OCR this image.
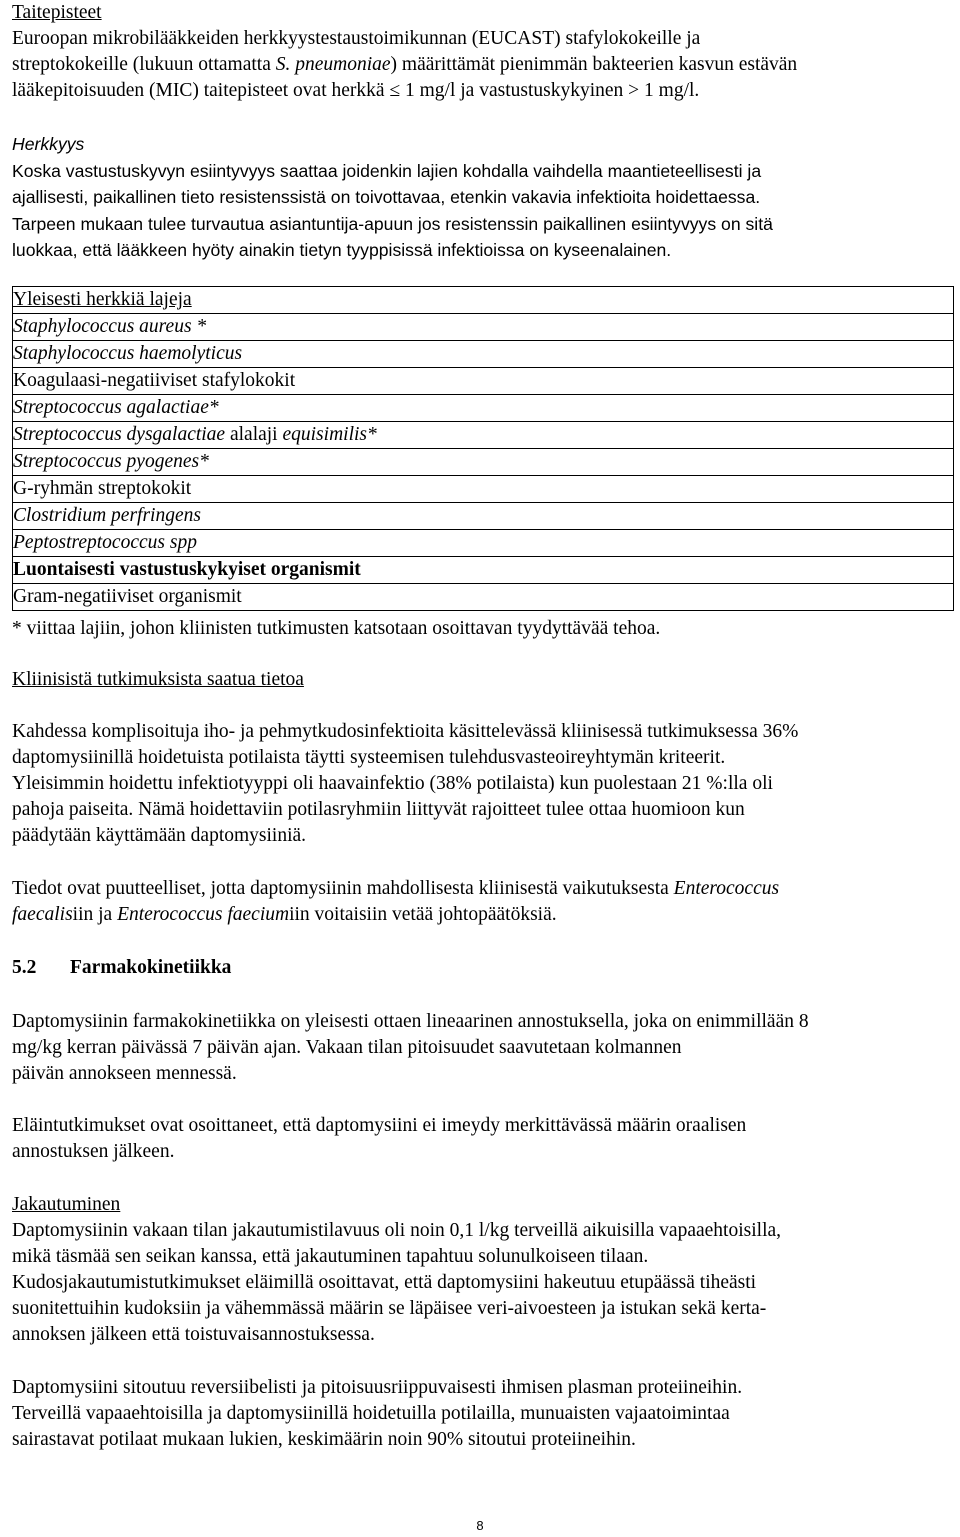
Taitepisteet
Euroopan mikrobilääkkeiden herkkyystestaustoimikunnan (EUCAST) stafylokokeille ja
streptokokeille (lukuun ottamatta S. pneumoniae) määrittämät pienimmän bakteerien kasvun estävän
lääkepitoisuuden (MIC) taitepisteet ovat herkkä ≤ 1 mg/l ja vastustuskykyinen > 1 mg/l.
Herkkyys
Koska vastustuskyvyn esiintyvyys saattaa joidenkin lajien kohdalla vaihdella maantieteellisesti ja
ajallisesti, paikallinen tieto resistenssistä on toivottavaa, etenkin vakavia infektioita hoidettaessa.
Tarpeen mukaan tulee turvautua asiantuntija-apuun jos resistenssin paikallinen esiintyvyys on sitä
luokkaa, että lääkkeen hyöty ainakin tietyn tyyppisissä infektioissa on kyseenalainen.
Yleisesti herkkiä lajeja

Staphylococcus aureus *

Staphylococcus haemolyticus

Koagulaasi-negatiiviset stafylokokit

Streptococcus agalactiae*

Streptococcus dysgalactiae alalaji equisimilis*

Streptococcus pyogenes*

G-ryhmän streptokokit

Clostridium perfringens

Peptostreptococcus spp

Luontaisesti vastustuskykyiset organismit

Gram-negatiiviset organismit
* viittaa lajiin, johon kliinisten tutkimusten katsotaan osoittavan tyydyttävää tehoa.
Kliinisistä tutkimuksista saatua tietoa
Kahdessa komplisoituja iho- ja pehmytkudosinfektioita käsittelevässä kliinisessä tutkimuksessa 36%
daptomysiinillä hoidetuista potilaista täytti systeemisen tulehdusvasteoireyhtymän kriteerit.
Yleisimmin hoidettu infektiotyyppi oli haavainfektio (38% potilaista) kun puolestaan 21 %:lla oli
pahoja paiseita. Nämä hoidettaviin potilasryhmiin liittyvät rajoitteet tulee ottaa huomioon kun
päädytään käyttämään daptomysiiniä.
Tiedot ovat puutteelliset, jotta daptomysiinin mahdollisesta kliinisestä vaikutuksesta Enterococcus
faecalisiin ja Enterococcus faeciumiin voitaisiin vetää johtopäätöksiä.
5.2 Farmakokinetiikka
Daptomysiinin farmakokinetiikka on yleisesti ottaen lineaarinen annostuksella, joka on enimmillään 8
mg/kg kerran päivässä 7 päivän ajan. Vakaan tilan pitoisuudet saavutetaan kolmannen
päivän annokseen mennessä.
Eläintutkimukset ovat osoittaneet, että daptomysiini ei imeydy merkittävässä määrin oraalisen
annostuksen jälkeen.
Jakautuminen
Daptomysiinin vakaan tilan jakautumistilavuus oli noin 0,1 l/kg terveillä aikuisilla vapaaehtoisilla,
mikä täsmää sen seikan kanssa, että jakautuminen tapahtuu solunulkoiseen tilaan.
Kudosjakautumistutkimukset eläimillä osoittavat, että daptomysiini hakeutuu etupäässä tiheästi
suonitettuihin kudoksiin ja vähemmässä määrin se läpäisee veri-aivoesteen ja istukan sekä kerta-
annoksen jälkeen että toistuvaisannostuksessa.
Daptomysiini sitoutuu reversiibelisti ja pitoisuusriippuvaisesti ihmisen plasman proteiineihin.
Terveillä vapaaehtoisilla ja daptomysiinillä hoidetuilla potilailla, munuaisten vajaatoimintaa
sairastavat potilaat mukaan lukien, keskimäärin noin 90% sitoutui proteiineihin.
8
